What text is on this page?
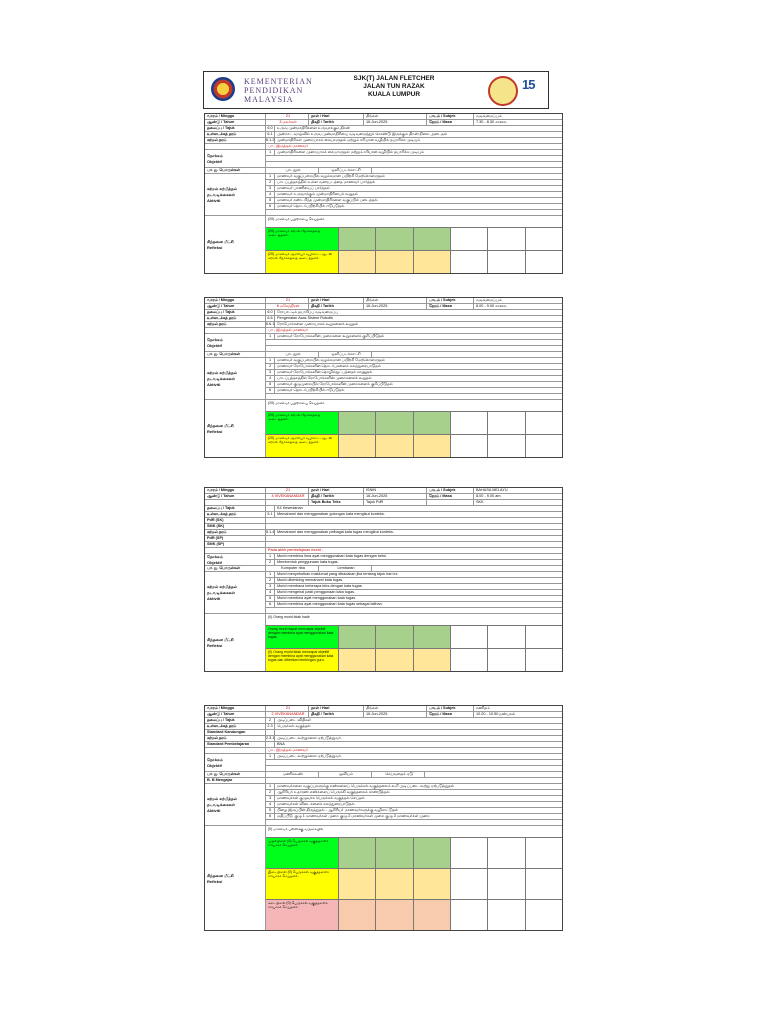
KEMENTERIAN
PENDIDIKAN
MALAYSIA
SJK(T) JALAN FLETCHER
JALAN TUN RAZAK
KUALA LUMPUR
15
வாரம் / Minggu	21	நாள் / Hari	திங்கள்	பாடம் / Subjek	வடிவமைப்பும்
ஆண்டு / Tahun	3 மலர்கள்	திகதி / Tarikh	16-Jun-2025	நேரம் / Masa	7.30 - 8.30 காலை
தலைப்பு / Tajuk	6.0	உருவ முன்மாதிரிகளை உருவாக்கும் திறன்
உள்ளடக்கத் தரம்	6.1	அன்றாட வாழ்வில் உருவ முன்மாதிரியை வடிவமைத்துக் கொண்டு இருக்கும் திறன் நிலை அடைதல்
கற்றல் தரம்	6.1.2 முன்மாதிரிகள் முறையாகக் கையாளுதல் மற்றும் சரியான வழியில் தயாரிக்க முடியும்
பா - இருத்தல் மாணவர்
நோக்கம்
Objektif
1	முன்மாதிரிகளை முறையாகக் கையாளுதல் மற்றும் சரியான வழியில் தயாரிக்க முடியும்
பா. து. பொருள்கள்	பாடநூல்	ஒளிப்படக்காட்சி
கற்றல் கற்பித்தல் நடவடிக்கைகள்
Aktiviti
1	மாணவர் வகுப்பறையில் வழக்கமான பயிற்சி மேற்கொள்ளுதல்
2	பாடப்புத்தகத்தில் உள்ள வரைபடத்தை மாணவர் பார்த்தல்
3	மாணவர் பாணியைப் பார்த்தல்
4	மாணவர் உருவாக்கும் முன்மாதிரியைக் கூறுதல்
5	மாணவர் கண்டறிந்த முன்மாதிரிகளை வகுப்பில் படைத்தல்
6	மாணவர் தொடர்பயிற்சியில் ஈடுபடுதல்
சிந்தனை மீட்சி
Refleksi
(20) மாணவர் பயிற்சியை செய்தனர்.
(20) மாணவர் கற்றல் நோக்கத்தை அடைந்தனர்.
(20) மாணவர் ஆசிரியர் வழிகாட்டலுடன் கற்றல் நோக்கத்தை அடைந்தனர்.
வாரம் / Minggu	21	நாள் / Hari	திங்கள்	பாடம் / Subjek	வடிவமைப்பும்
ஆண்டு / Tahun	6 மகேந்திரன்	திகதி / Tarikh	16-Jun-2025	நேரம் / Masa	8.00 - 9.00 காலை
தலைப்பு / Tajuk	6.0	ரோபாட்டிக் தயாரிப்பு வடிவமைப்பு
உள்ளடக்கத் தரம்	6.6	Pengenalan Asas Sistem Robotik
கற்றல் தரம்	6.6.1 ரோபோக்களை முறையாகக் கூறுகளைக் கூறுதல்
பா - இருத்தல் மாணவர்
நோக்கம்
Objektif
1	மாணவர் ரோபோக்களின் முறைகளை கூறுகளைக் குறிப்பிடுதல்
பா. து. பொருள்கள்	பாடநூல்	ஒளிப்படக்காட்சி
கற்றல் கற்பித்தல் நடவடிக்கைகள்
Aktiviti
1	மாணவர் வகுப்பறையில் வழக்கமான பயிற்சி மேற்கொள்ளுதல்
2	மாணவர் ரோபோக்களின் தொடர்புகளைக் கலந்துரையாடுதல்
3	மாணவர் ரோபோக்களின் தொழில்நுட்பத்தைக் காணுதல்
4	பாடப்புத்தகத்தில் ரோபோக்களின் முறைகளைக் கூறுதல்
5	மாணவர் குழுமுறையில் ரோபோக்களின் முறைகளைக் குறிப்பிடுதல்
6	மாணவர் தொடர்பயிற்சியில் ஈடுபடுதல்
சிந்தனை மீட்சி
Refleksi
(20) மாணவர் பயிற்சியை செய்தனர்.
(20) மாணவர் கற்றல் நோக்கத்தை அடைந்தனர்.
(20) மாணவர் ஆசிரியர் வழிகாட்டலுடன் கற்றல் நோக்கத்தை அடைந்தனர்.
வாரம் / Minggu	21	நாள் / Hari	ISNIN	பாடம் / Subjek	BAHASA MELAYU
ஆண்டு / Tahun	4 VIVEKANANDAR	திகதி / Tarikh	16-Jun-2025	நேரம் / Masa	8.00 - 9.00 am
Tajuk Buku Teks	Tajuk PdR	SKK
தலைப்பு / Tajuk	K4 Kesenianan
உள்ளடக்கத் தரம்	5.1	Memahami dan menggunakan golongan kata mengikut konteks.
PdR (SK)
SMK (SK)
கற்றல் தரம்	5.1.4 Memahami dan menggunakan pelbagai kata tugas mengikut konteks.
PdR (SP)
SMK (SP)
Pada akhir pembelajaran murid :
நோக்கம்
Objektif
1	Murid membina lima ayat menggunakan kata tugas dengan betul.
2	Membentuk penggunaan kata tugas.
பா. து. பொருள்கள்	Komputer riba	Lembaran
கற்றல் கற்பித்தல் நடவடிக்கைகள்
Aktiviti
1	Murid menyebutkan maklumat yang dibacakan jika tentang tajuk hari ini.
2	Murid dibimbing memahami kata tugas.
3	Murid membaca beberapa teks dengan kata tugas.
4	Murid mengenal pasti penggunaan kata tugas.
5	Murid membina ayat menggunakan kata tugas.
6	Murid membina ayat menggunakan kata tugas sebagai latihan.
சிந்தனை மீட்சி
Refleksi
(0) Orang murid tidak hadir
Orang murid dapat mencapai objektif dengan membina ayat menggunakan kata tugas.
(0) Orang murid tidak mencapai objektif dengan membina ayat menggunakan kata tugas dan diberikan bimbingan guru.
வாரம் / Minggu	21	நாள் / Hari	திங்கள்	பாடம் / Subjek	கணிதம்
ஆண்டு / Tahun	2 VIVEKANANDAR	திகதி / Tarikh	16-Jun-2025	நேரம் / Masa	10.20 - 10.50 நண்பகல்
தலைப்பு / Tajuk	2	அடிப்படை விதிகள்
உள்ளடக்கத் தரம்	2.3	பெருக்கல் வகுத்தல்
Standard Kandungan
கற்றல் தரம்	2.3.1 அடிப்படை கூற்றுகளை ஏற்படுத்துவர்.
Standard Pembelajaran	BNA
பா - இருத்தல் மாணவர்
நோக்கம்
Objektif
1	அடிப்படை கூற்றுகளை ஏற்படுத்துவர்.
பா. து. பொருள்கள்	மணிக்கூண்	ஓவியம்	செய்வதைக் ஏடு
B. B Mengajar
கற்றல் கற்பித்தல் நடவடிக்கைகள்
Aktiviti
1	மாணவர்களை வகுப்புகளுக்கு எண்களைப் பெருக்கல் வகுத்தலைக் கூறி அடிப்படை கூற்று ஏற்படுத்துதல்
2	ஆசிரியர் உதாரண எண்களைப் பெருக்கி வகுத்தலைக் காண்பித்தல்
3	மாணவர்கள் குழுவாக பெருக்கல் வகுத்தல் செய்தல்
4	மாணவர்கள் விடைகளைக் கலந்துரையாடுதல்
5	பிழை இருப்பின் திருத்துதல் - ஆசிரியர் மாணவர்களுக்கு வழிகாட்டுதல்
6	மதிப்பீடு: குழு 1 மாணவர்கள் முறை குழு 2 மாணவர்கள் முறை குழு 3 மாணவர்கள் முறை
சிந்தனை மீட்சி
Refleksi
(0) மாணவர் பள்ளிக்கு வருகையில்.
முதல்நிலை (0) பெருக்கல் வகுத்தலைச் சரியாகச் செய்தனர்.
இடைநிலை (0) பெருக்கல் வகுத்தலைச் சரியாகச் செய்தனர்.
கடைநிலை (0) பெருக்கல் வகுத்தலைச் சரியாகச் செய்தனர்.
